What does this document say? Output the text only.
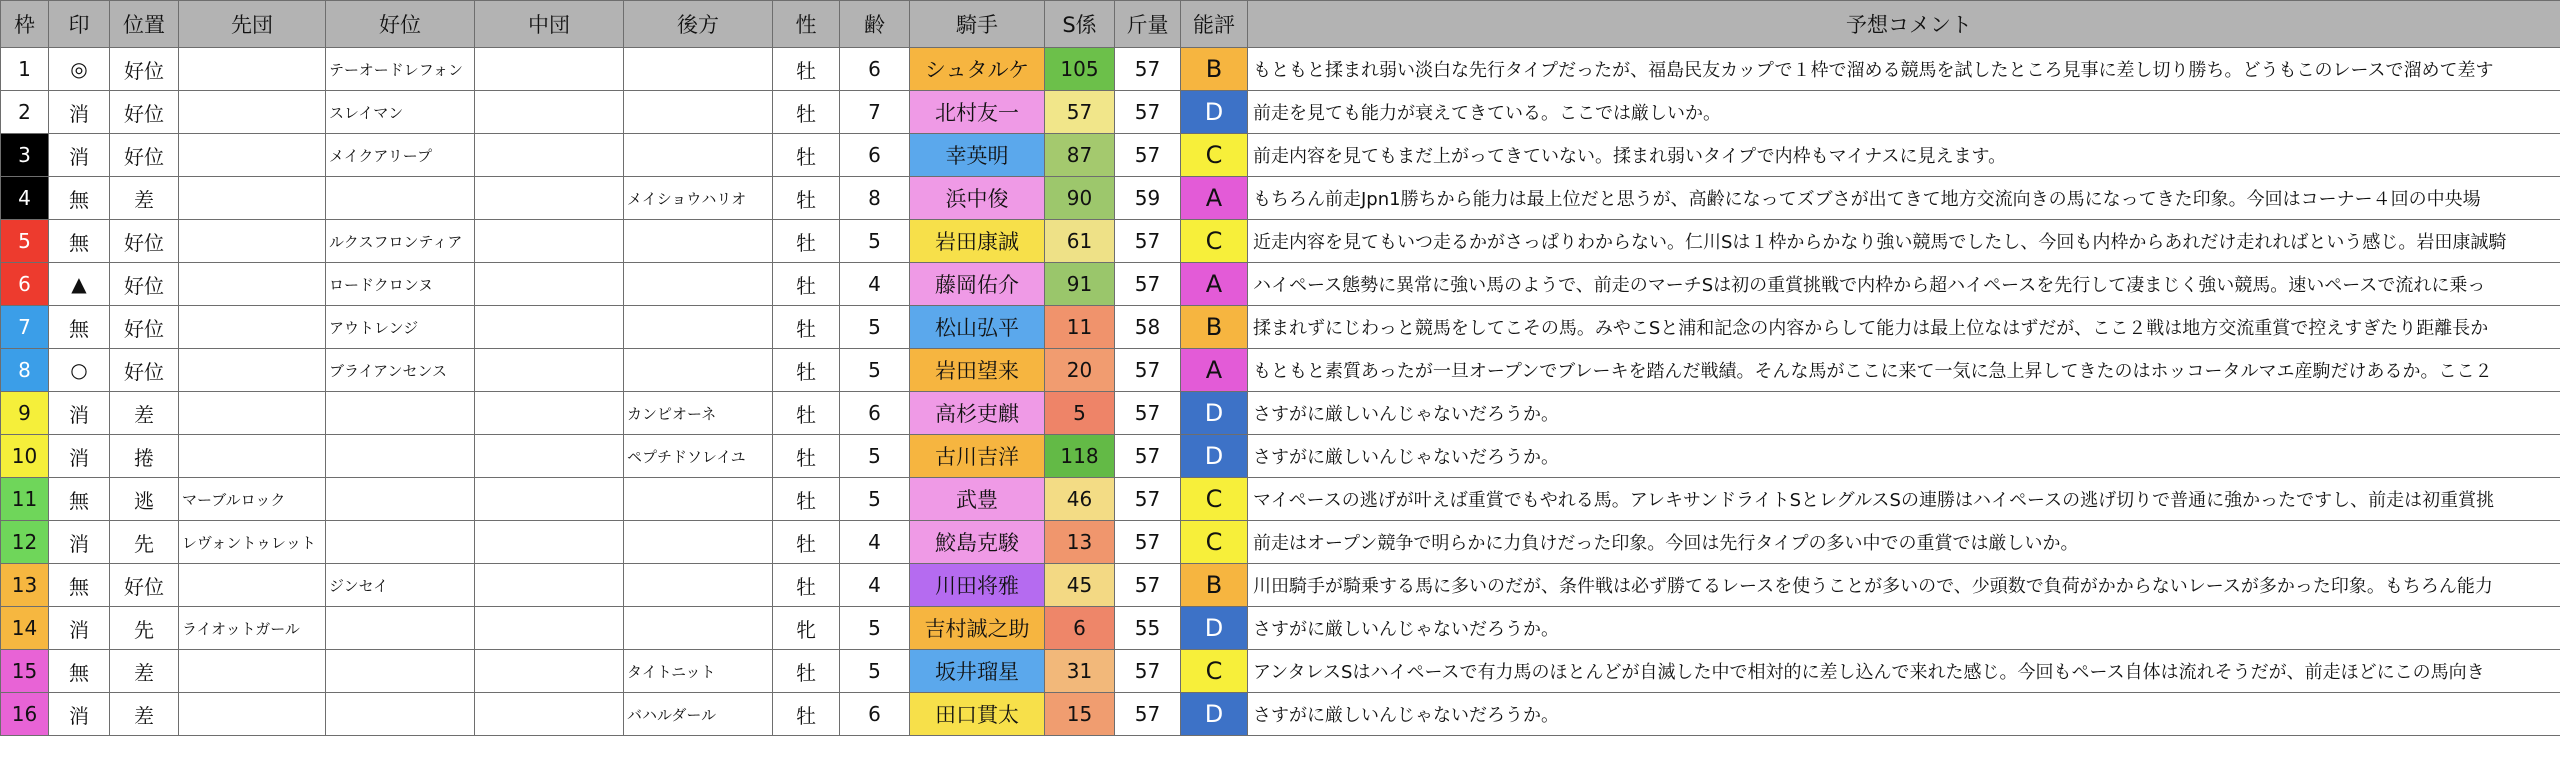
枠	印	位置	先団	好位	中団	後方	性	齢	騎手	S係	斤量	能評	予想コメント
1	◎	好位		テーオードレフォン			牡	6	シュタルケ	105	57	B	もともと揉まれ弱い淡白な先行タイプだったが、福島民友カップで１枠で溜める競馬を試したところ見事に差し切り勝ち。どうもこのレースで溜めて差す
2	消	好位		スレイマン			牡	7	北村友一	57	57	D	前走を見ても能力が衰えてきている。ここでは厳しいか。
3	消	好位		メイクアリープ			牡	6	幸英明	87	57	C	前走内容を見てもまだ上がってきていない。揉まれ弱いタイプで内枠もマイナスに見えます。
4	無	差				メイショウハリオ	牡	8	浜中俊	90	59	A	もちろん前走Jpn1勝ちから能力は最上位だと思うが、高齢になってズブさが出てきて地方交流向きの馬になってきた印象。今回はコーナー４回の中央場
5	無	好位		ルクスフロンティア			牡	5	岩田康誠	61	57	C	近走内容を見てもいつ走るかがさっぱりわからない。仁川Sは１枠からかなり強い競馬でしたし、今回も内枠からあれだけ走れればという感じ。岩田康誠騎
6	▲	好位		ロードクロンヌ			牡	4	藤岡佑介	91	57	A	ハイペース態勢に異常に強い馬のようで、前走のマーチSは初の重賞挑戦で内枠から超ハイペースを先行して凄まじく強い競馬。速いペースで流れに乗っ
7	無	好位		アウトレンジ			牡	5	松山弘平	11	58	B	揉まれずにじわっと競馬をしてこその馬。みやこSと浦和記念の内容からして能力は最上位なはずだが、ここ２戦は地方交流重賞で控えすぎたり距離長か
8	○	好位		ブライアンセンス			牡	5	岩田望来	20	57	A	もともと素質あったが一旦オープンでブレーキを踏んだ戦績。そんな馬がここに来て一気に急上昇してきたのはホッコータルマエ産駒だけあるか。ここ２
9	消	差				カンピオーネ	牡	6	高杉吏麒	5	57	D	さすがに厳しいんじゃないだろうか。
10	消	捲				ペプチドソレイユ	牡	5	古川吉洋	118	57	D	さすがに厳しいんじゃないだろうか。
11	無	逃	マーブルロック				牡	5	武豊	46	57	C	マイペースの逃げが叶えば重賞でもやれる馬。アレキサンドライトSとレグルスSの連勝はハイペースの逃げ切りで普通に強かったですし、前走は初重賞挑
12	消	先	レヴォントゥレット				牡	4	鮫島克駿	13	57	C	前走はオープン競争で明らかに力負けだった印象。今回は先行タイプの多い中での重賞では厳しいか。
13	無	好位		ジンセイ			牡	4	川田将雅	45	57	B	川田騎手が騎乗する馬に多いのだが、条件戦は必ず勝てるレースを使うことが多いので、少頭数で負荷がかからないレースが多かった印象。もちろん能力
14	消	先	ライオットガール				牝	5	吉村誠之助	6	55	D	さすがに厳しいんじゃないだろうか。
15	無	差				タイトニット	牡	5	坂井瑠星	31	57	C	アンタレスSはハイペースで有力馬のほとんどが自滅した中で相対的に差し込んで来れた感じ。今回もペース自体は流れそうだが、前走ほどにこの馬向き
16	消	差				バハルダール	牡	6	田口貫太	15	57	D	さすがに厳しいんじゃないだろうか。
